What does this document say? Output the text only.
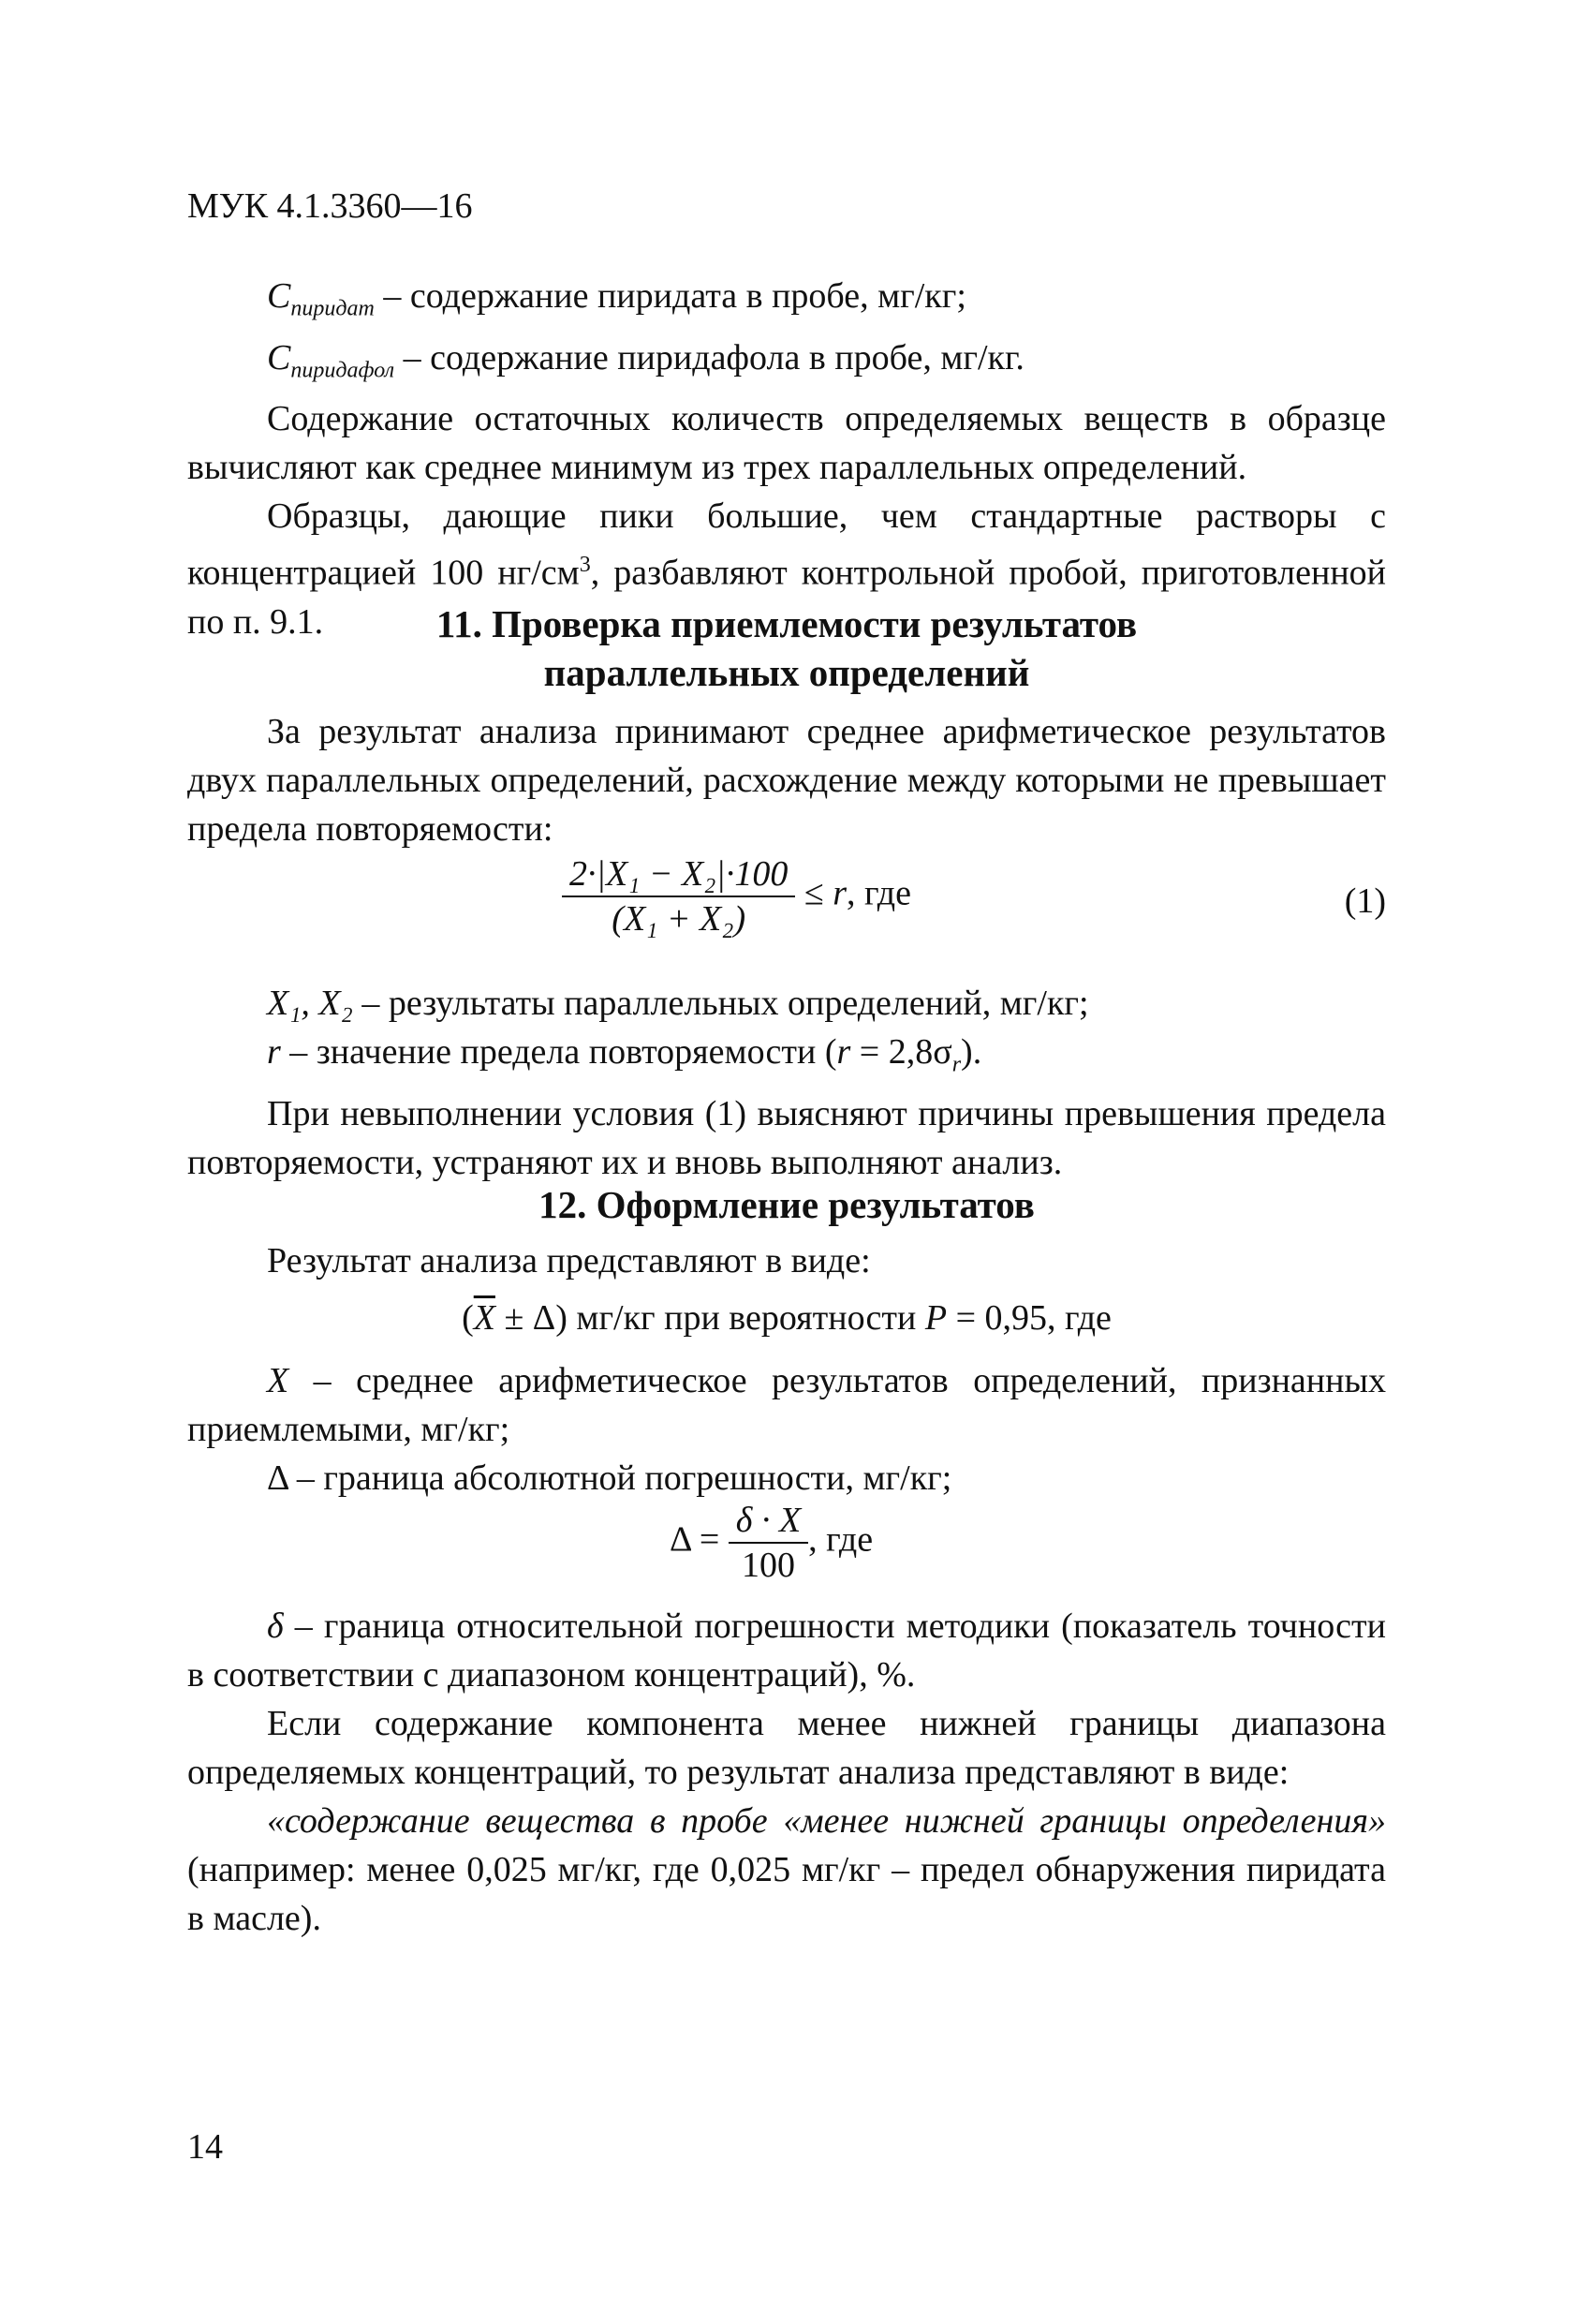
МУК 4.1.3360—16

$C_{пиридат}$ – содержание пиридата в пробе, мг/кг;

$C_{пиридафол}$ – содержание пиридафола в пробе, мг/кг.

Содержание остаточных количеств определяемых веществ в образце вычисляют как среднее минимум из трех параллельных определений.

Образцы, дающие пики большие, чем стандартные растворы с концентрацией 100 $нг/см^3$, разбавляют контрольной пробой, приготовленной по п. 9.1.	11. Проверка приемлемости результатов
параллельных определений

За результат анализа принимают среднее арифметическое результатов двух параллельных определений, расхождение между которыми не превышает предела повторяемости:

$\frac{\text{2·|X₁ − X₂|·100}}{\text{(X₁ + X₂)}} \le r$, где	(1)

X₁, X₂ – результаты параллельных определений, мг/кг;

r – значение предела повторяемости $(r = 2,8\sigma_r)$.

При невыполнении условия (1) выясняют причины превышения предела повторяемости, устраняют их и вновь выполняют анализ.

12. Оформление результатов

Результат анализа представляют в виде:

$(\overline{X} \pm \Delta)$ мг/кг при вероятности P = 0,95, где

X – среднее арифметическое результатов определений, признанных приемлемыми, мг/кг;

Δ – граница абсолютной погрешности, мг/кг;

$\Delta = \frac{\delta \cdot X}{100}$ , где

δ – граница относительной погрешности методики (показатель точности в соответствии с диапазоном концентраций), %.

Если содержание компонента менее нижней границы диапазона определяемых концентраций, то результат анализа представляют в виде:

«содержание вещества в пробе «менее нижней границы определения» (например: менее 0,025 мг/кг, где 0,025 мг/кг – предел обнаружения пиридата в масле).

14
